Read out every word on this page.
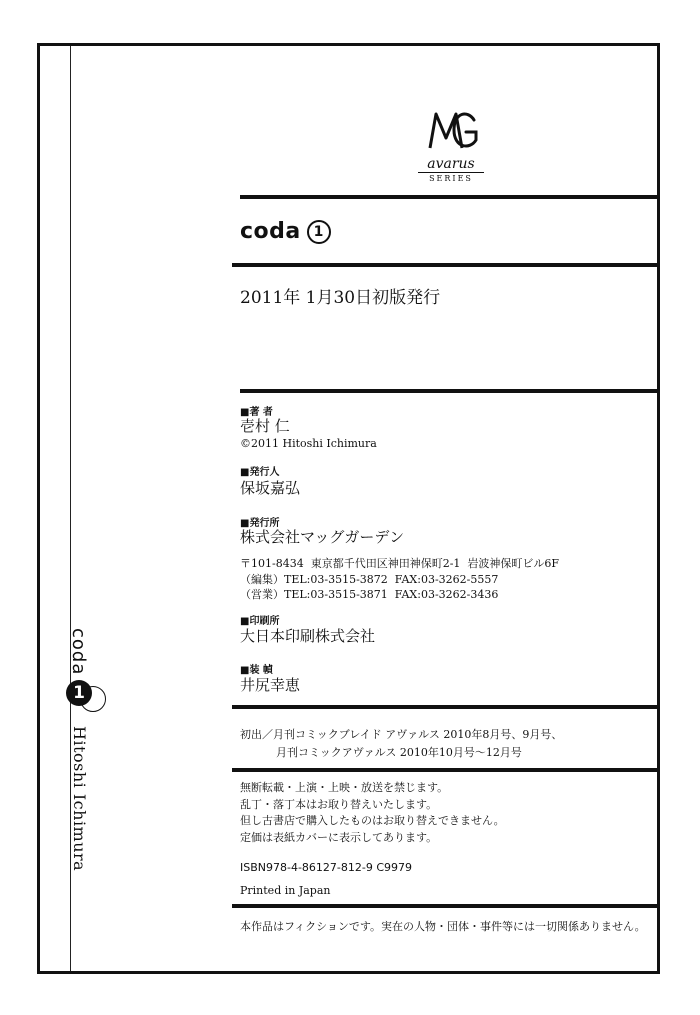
coda
1
Hitoshi Ichimura
avarus
SERIES
coda 1
2011年 1月30日初版発行
■著 者
壱村 仁
©2011 Hitoshi Ichimura
■発行人
保坂嘉弘
■発行所
株式会社マッグガーデン
〒101-8434  東京都千代田区神田神保町2-1  岩波神保町ビル6F
（編集）TEL:03-3515-3872  FAX:03-3262-5557
（営業）TEL:03-3515-3871  FAX:03-3262-3436
■印刷所
大日本印刷株式会社
■装 幀
井尻幸恵
初出／月刊コミックブレイド アヴァルス 2010年8月号、9月号、
月刊コミックアヴァルス 2010年10月号～12月号
無断転載・上演・上映・放送を禁じます。
乱丁・落丁本はお取り替えいたします。
但し古書店で購入したものはお取り替えできません。
定価は表紙カバーに表示してあります。
ISBN978-4-86127-812-9 C9979
Printed in Japan
本作品はフィクションです。実在の人物・団体・事件等には一切関係ありません。
